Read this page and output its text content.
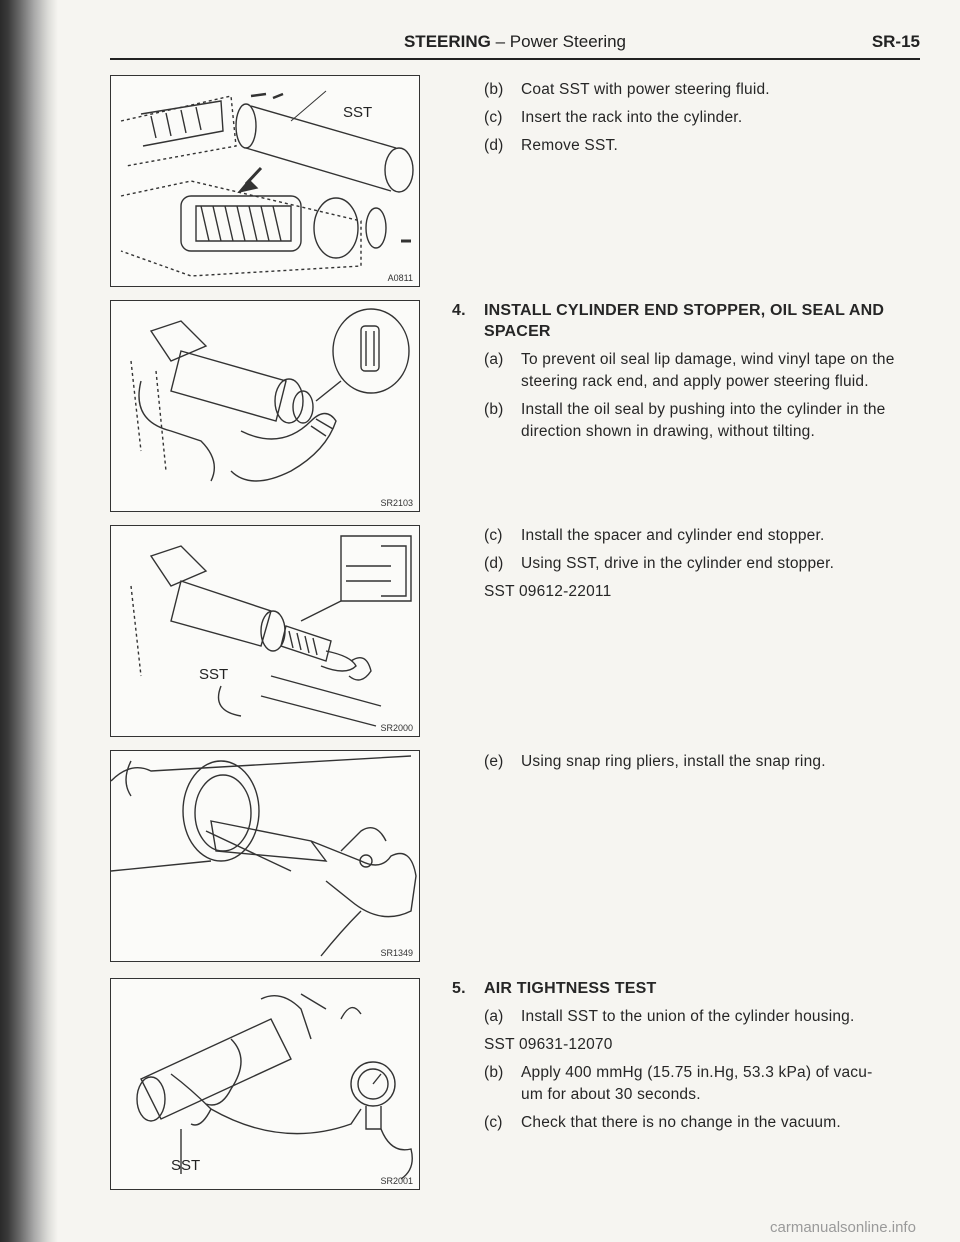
STEERING – Power Steering	SR-15
SST
A0811
SR2103
SST
SR2000
SR1349
SST
SR2001
(b) Coat SST with power steering fluid.
(c) Insert the rack into the cylinder.
(d) Remove SST.
4. INSTALL CYLINDER END STOPPER, OIL SEAL AND
SPACER
(a) To prevent oil seal lip damage, wind vinyl tape on the
steering rack end, and apply power steering fluid.
(b) Install the oil seal by pushing into the cylinder in the
direction shown in drawing, without tilting.
(c) Install the spacer and cylinder end stopper.
(d) Using SST, drive in the cylinder end stopper.
SST 09612-22011
(e) Using snap ring pliers, install the snap ring.
5. AIR TIGHTNESS TEST
(a) Install SST to the union of the cylinder housing.
SST 09631-12070
(b) Apply 400 mmHg (15.75 in.Hg, 53.3 kPa) of vacu-
um for about 30 seconds.
(c) Check that there is no change in the vacuum.
carmanualsonline.info
